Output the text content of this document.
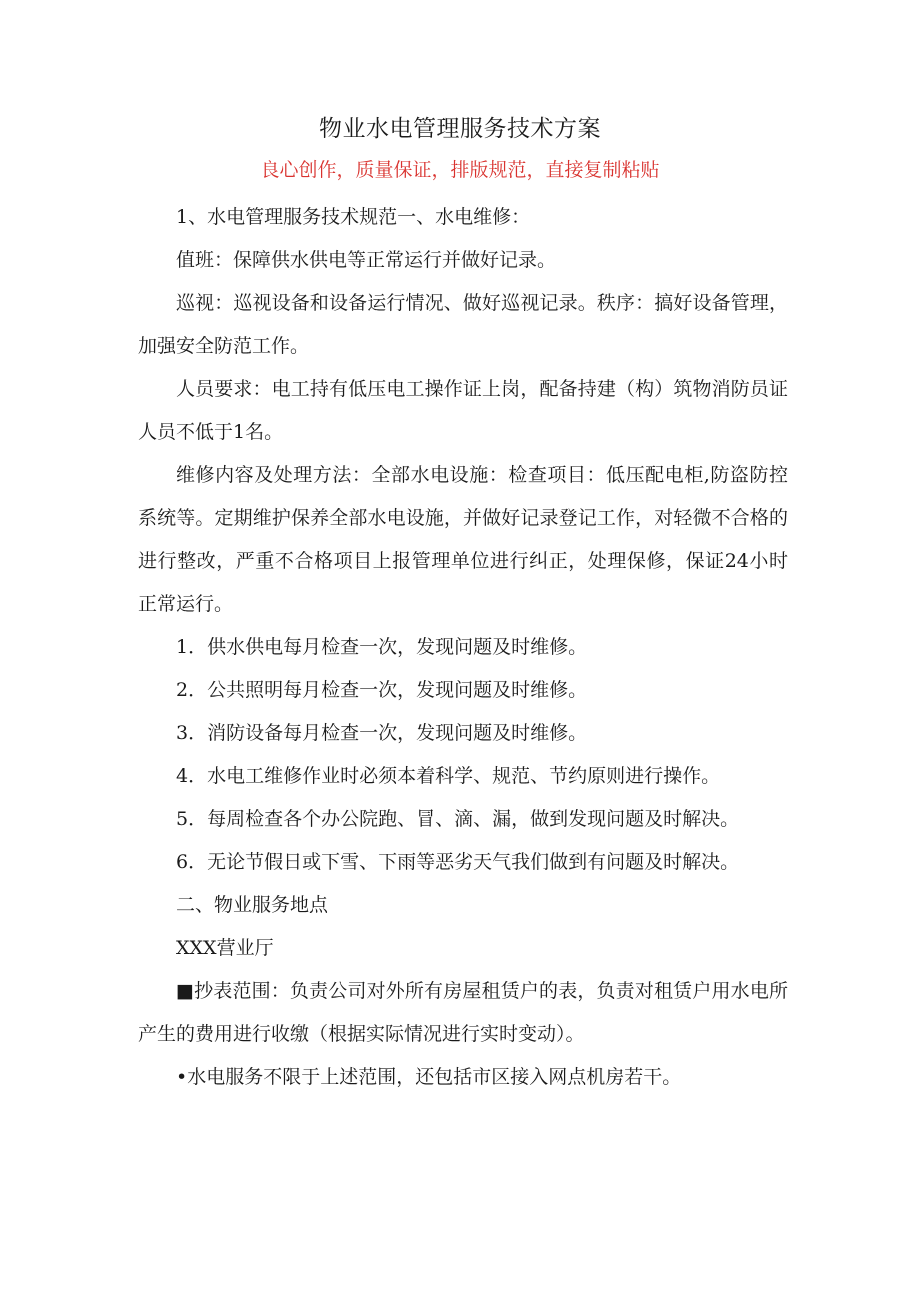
物业水电管理服务技术方案
良心创作，质量保证，排版规范，直接复制粘贴

1、水电管理服务技术规范一、水电维修：

值班：保障供水供电等正常运行并做好记录。

巡视：巡视设备和设备运行情况、做好巡视记录。秩序：搞好设备管理，加强安全防范工作。

人员要求：电工持有低压电工操作证上岗，配备持建（构）筑物消防员证人员不低于1名。

维修内容及处理方法：全部水电设施：检查项目：低压配电柜,防盗防控系统等。定期维护保养全部水电设施，并做好记录登记工作，对轻微不合格的进行整改，严重不合格项目上报管理单位进行纠正，处理保修，保证24小时正常运行。

1．供水供电每月检查一次，发现问题及时维修。

2．公共照明每月检查一次，发现问题及时维修。

3．消防设备每月检查一次，发现问题及时维修。

4．水电工维修作业时必须本着科学、规范、节约原则进行操作。

5．每周检查各个办公院跑、冒、滴、漏，做到发现问题及时解决。

6．无论节假日或下雪、下雨等恶劣天气我们做到有问题及时解决。

二、物业服务地点

XXX营业厅

■抄表范围：负责公司对外所有房屋租赁户的表，负责对租赁户用水电所产生的费用进行收缴（根据实际情况进行实时变动）。

•水电服务不限于上述范围，还包括市区接入网点机房若干。
